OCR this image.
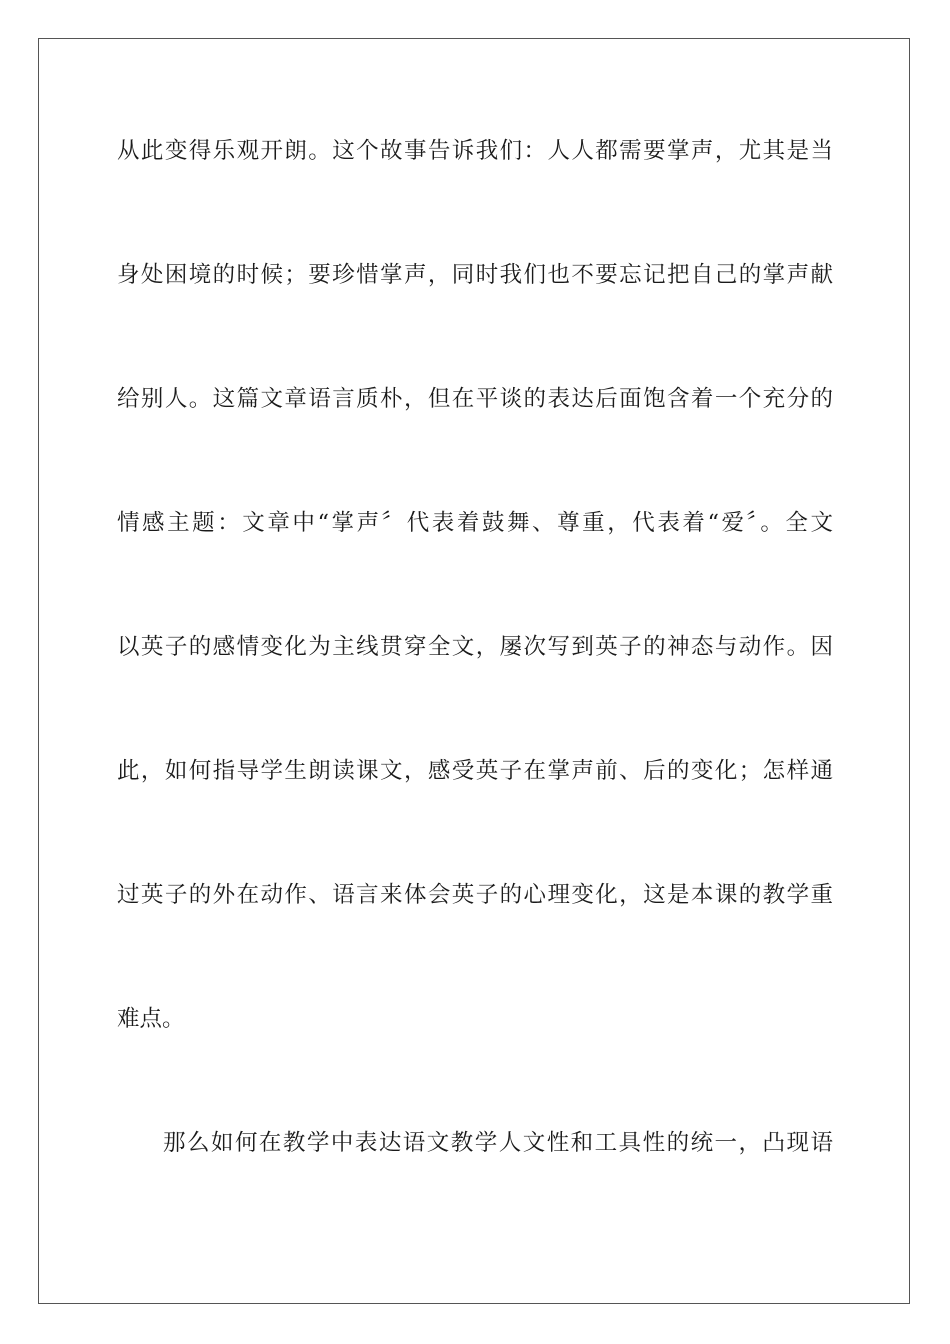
从此变得乐观开朗。这个故事告诉我们：人人都需要掌声，尤其是当
身处困境的时候；要珍惜掌声，同时我们也不要忘记把自己的掌声献
给别人。这篇文章语言质朴，但在平谈的表达后面饱含着一个充分的
情感主题：文章中“掌声〞代表着鼓舞、尊重，代表着“爱〞。全文
以英子的感情变化为主线贯穿全文，屡次写到英子的神态与动作。因
此，如何指导学生朗读课文，感受英子在掌声前、后的变化；怎样通
过英子的外在动作、语言来体会英子的心理变化，这是本课的教学重
难点。
那么如何在教学中表达语文教学人文性和工具性的统一，凸现语
